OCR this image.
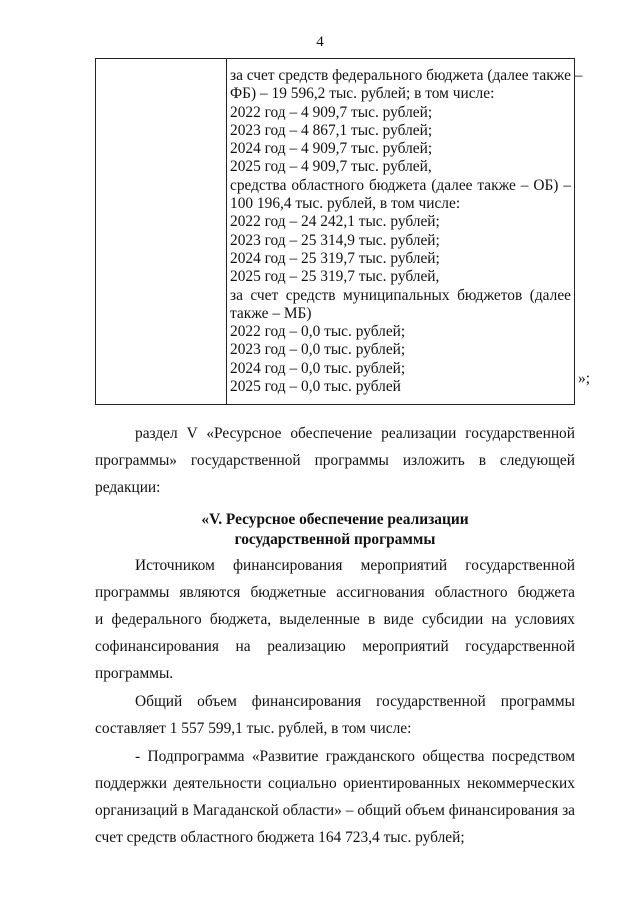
4
за счет средств федерального бюджета (далее также –
ФБ) – 19 596,2 тыс. рублей; в том числе:
2022 год – 4 909,7 тыс. рублей;
2023 год – 4 867,1 тыс. рублей;
2024 год – 4 909,7 тыс. рублей;
2025 год – 4 909,7 тыс. рублей,
средства областного бюджета (далее также – ОБ) –
100 196,4 тыс. рублей, в том числе:
2022 год – 24 242,1 тыс. рублей;
2023 год – 25 314,9 тыс. рублей;
2024 год – 25 319,7 тыс. рублей;
2025 год – 25 319,7 тыс. рублей,
за счет средств муниципальных бюджетов (далее
также – МБ)
2022 год – 0,0 тыс. рублей;
2023 год – 0,0 тыс. рублей;
2024 год – 0,0 тыс. рублей;
2025 год – 0,0 тыс. рублей	»;
раздел V «Ресурсное обеспечение реализации государственной
программы» государственной программы изложить в следующей
редакции:
«V. Ресурсное обеспечение реализации
государственной программы
Источником финансирования мероприятий государственной
программы являются бюджетные ассигнования областного бюджета
и федерального бюджета, выделенные в виде субсидии на условиях
софинансирования на реализацию мероприятий государственной
программы.
Общий объем финансирования государственной программы
составляет 1 557 599,1 тыс. рублей, в том числе:
- Подпрограмма «Развитие гражданского общества посредством
поддержки деятельности социально ориентированных некоммерческих
организаций в Магаданской области» – общий объем финансирования за
счет средств областного бюджета 164 723,4 тыс. рублей;
